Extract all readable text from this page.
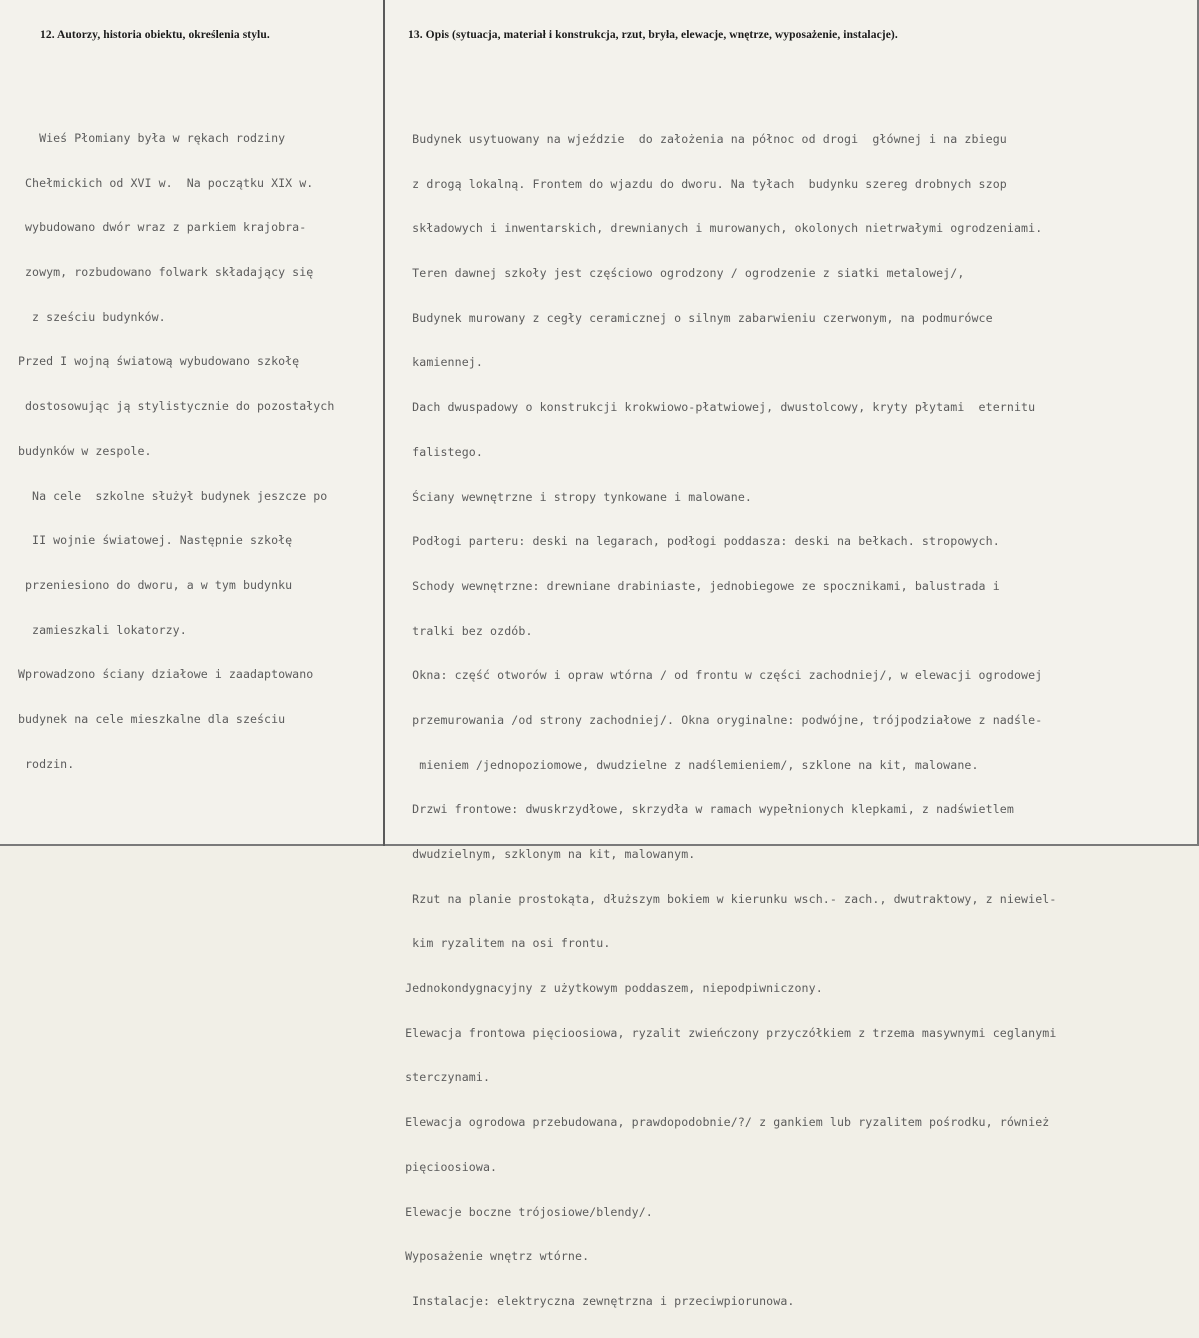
12. Autorzy, historia obiektu, określenia stylu.	13. Opis (sytuacja, materiał i konstrukcja, rzut, bryła, elewacje, wnętrze, wyposażenie, instalacje).

Wieś Płomiany była w rękach rodziny

Chełmickich od XVI w.  Na początku XIX w.

wybudowano dwór wraz z parkiem krajobra-

zowym, rozbudowano folwark składający się

z sześciu budynków.

Przed I wojną światową wybudowano szkołę

dostosowując ją stylistycznie do pozostałych

budynków w zespole.

Na cele  szkolne służył budynek jeszcze po

II wojnie światowej. Następnie szkołę

przeniesiono do dworu, a w tym budynku

zamieszkali lokatorzy.

Wprowadzono ściany działowe i zaadaptowano

budynek na cele mieszkalne dla sześciu

rodzin.

Budynek usytuowany na wjeździe  do założenia na północ od drogi  głównej i na zbiegu

z drogą lokalną. Frontem do wjazdu do dworu. Na tyłach  budynku szereg drobnych szop

składowych i inwentarskich, drewnianych i murowanych, okolonych nietrwałymi ogrodzeniami.

Teren dawnej szkoły jest częściowo ogrodzony / ogrodzenie z siatki metalowej/,

Budynek murowany z cegły ceramicznej o silnym zabarwieniu czerwonym, na podmurówce

kamiennej.

Dach dwuspadowy o konstrukcji krokwiowo-płatwiowej, dwustolcowy, kryty płytami  eternitu

falistego.

Ściany wewnętrzne i stropy tynkowane i malowane.

Podłogi parteru: deski na legarach, podłogi poddasza: deski na bełkach. stropowych.

Schody wewnętrzne: drewniane drabiniaste, jednobiegowe ze spocznikami, balustrada i

tralki bez ozdób.

Okna: część otworów i opraw wtórna / od frontu w części zachodniej/, w elewacji ogrodowej

przemurowania /od strony zachodniej/. Okna oryginalne: podwójne, trójpodziałowe z nadśle-

mieniem /jednopoziomowe, dwudzielne z nadślemieniem/, szklone na kit, malowane.

Drzwi frontowe: dwuskrzydłowe, skrzydła w ramach wypełnionych klepkami, z nadświetlem

dwudzielnym, szklonym na kit, malowanym.

Rzut na planie prostokąta, dłuższym bokiem w kierunku wsch.- zach., dwutraktowy, z niewiel-

kim ryzalitem na osi frontu.

Jednokondygnacyjny z użytkowym poddaszem, niepodpiwniczony.

Elewacja frontowa pięcioosiowa, ryzalit zwieńczony przyczółkiem z trzema masywnymi ceglanymi

sterczynami.

Elewacja ogrodowa przebudowana, prawdopodobnie/?/ z gankiem lub ryzalitem pośrodku, również

pięcioosiowa.

Elewacje boczne trójosiowe/blendy/.

Wyposażenie wnętrz wtórne.

Instalacje: elektryczna zewnętrzna i przeciwpiorunowa.
